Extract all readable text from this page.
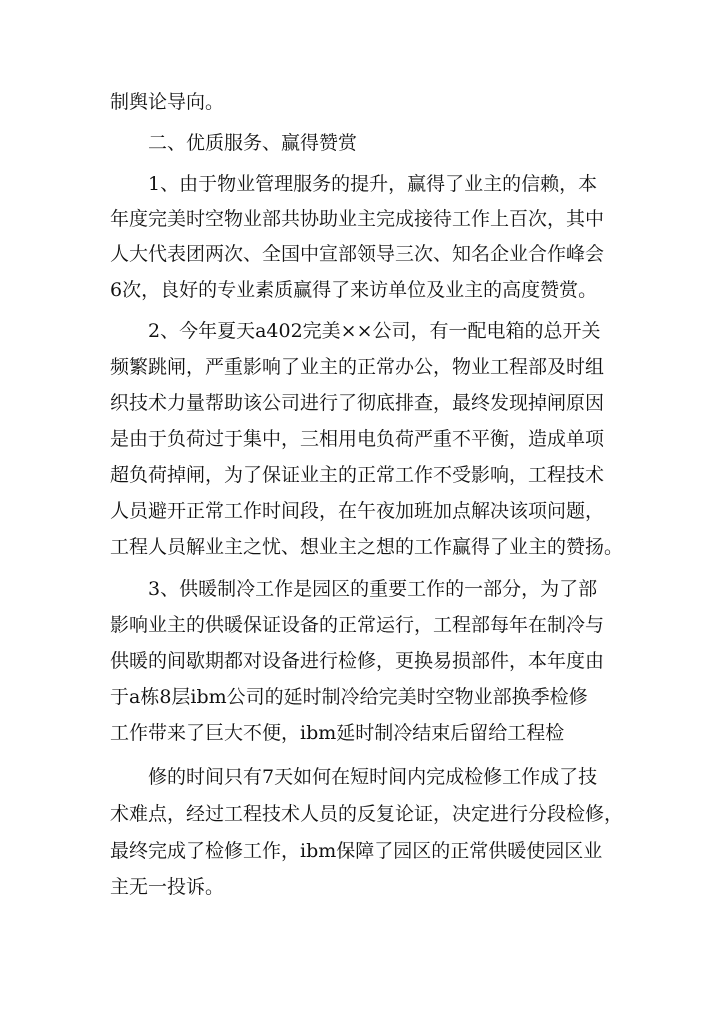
制舆论导向。
二、优质服务、赢得赞赏
1、由于物业管理服务的提升，赢得了业主的信赖，本
年度完美时空物业部共协助业主完成接待工作上百次，其中
人大代表团两次、全国中宣部领导三次、知名企业合作峰会
6次，良好的专业素质赢得了来访单位及业主的高度赞赏。
2、今年夏天a402完美××公司，有一配电箱的总开关
频繁跳闸，严重影响了业主的正常办公，物业工程部及时组
织技术力量帮助该公司进行了彻底排查，最终发现掉闸原因
是由于负荷过于集中，三相用电负荷严重不平衡，造成单项
超负荷掉闸，为了保证业主的正常工作不受影响，工程技术
人员避开正常工作时间段，在午夜加班加点解决该项问题，
工程人员解业主之忧、想业主之想的工作赢得了业主的赞扬。
3、供暖制冷工作是园区的重要工作的一部分，为了部
影响业主的供暖保证设备的正常运行，工程部每年在制冷与
供暖的间歇期都对设备进行检修，更换易损部件，本年度由
于a栋8层ibm公司的延时制冷给完美时空物业部换季检修
工作带来了巨大不便，ibm延时制冷结束后留给工程检
修的时间只有7天如何在短时间内完成检修工作成了技
术难点，经过工程技术人员的反复论证，决定进行分段检修，
最终完成了检修工作，ibm保障了园区的正常供暖使园区业
主无一投诉。
